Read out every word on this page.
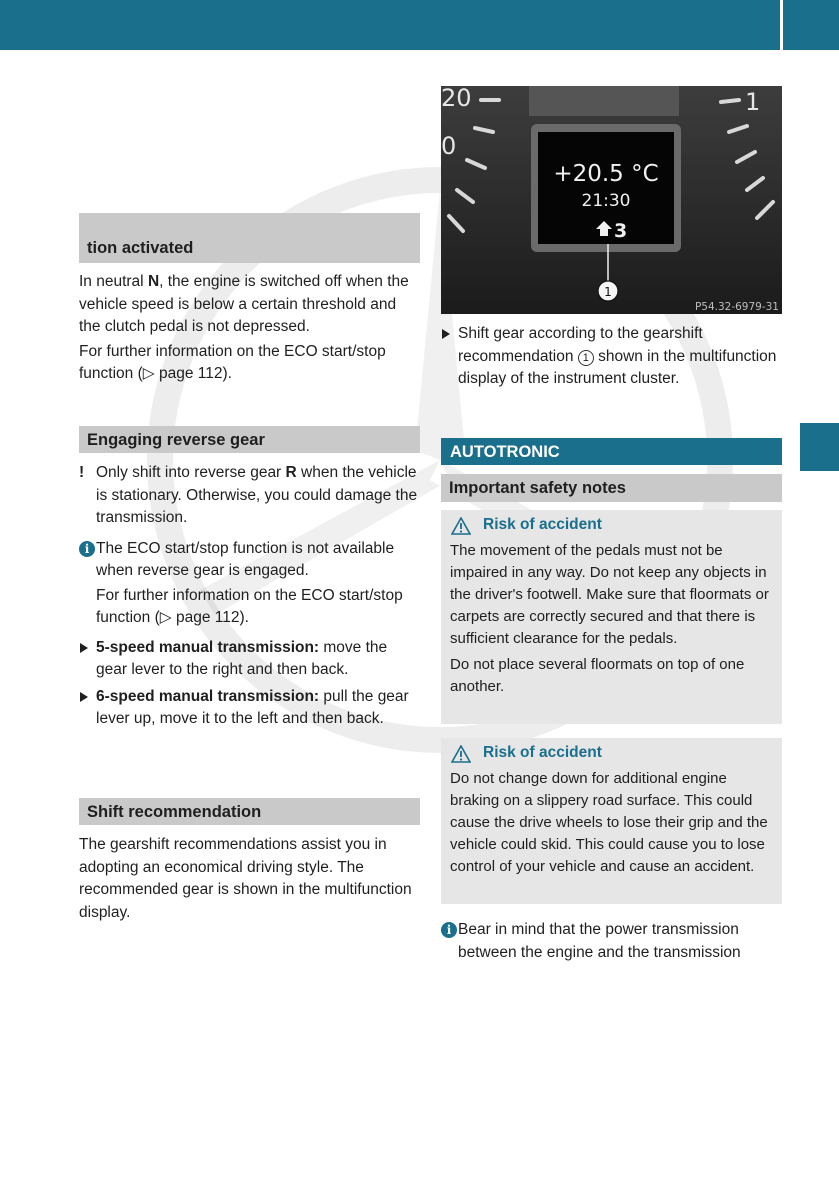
tion activated

In neutral N, the engine is switched off when the vehicle speed is below a certain threshold and the clutch pedal is not depressed.

For further information on the ECO start/stop function (▷ page 112).

Engaging reverse gear
! Only shift into reverse gear R when the vehicle is stationary. Otherwise, you could damage the transmission.
i The ECO start/stop function is not available when reverse gear is engaged.

For further information on the ECO start/stop function (▷ page 112).

5-speed manual transmission: move the gear lever to the right and then back.
6-speed manual transmission: pull the gear lever up, move it to the left and then back.
Shift recommendation

The gearshift recommendations assist you in adopting an economical driving style. The recommended gear is shown in the multifunction display.

20
0
1
+20.5 °C
21:30
3
1
P54.32-6979-31
Shift gear according to the gearshift recommendation 1 shown in the multifunction display of the instrument cluster.
AUTOTRONIC
Important safety notes
Risk of accident

The movement of the pedals must not be impaired in any way. Do not keep any objects in the driver's footwell. Make sure that floormats or carpets are correctly secured and that there is sufficient clearance for the pedals.

Do not place several floormats on top of one another.

Risk of accident

Do not change down for additional engine braking on a slippery road surface. This could cause the drive wheels to lose their grip and the vehicle could skid. This could cause you to lose control of your vehicle and cause an accident.

i Bear in mind that the power transmission between the engine and the transmission
